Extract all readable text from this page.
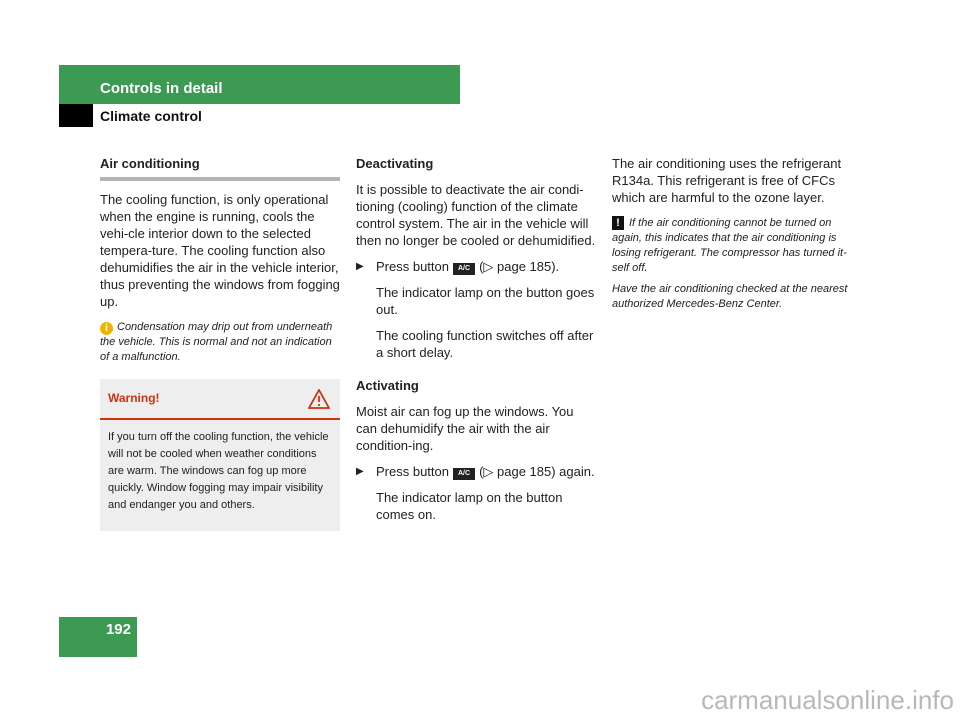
Controls in detail
Climate control
Air conditioning

The cooling function, is only operational when the engine is running, cools the vehi-cle interior down to the selected tempera-ture. The cooling function also dehumidifies the air in the vehicle interior, thus preventing the windows from fogging up.

i Condensation may drip out from underneath the vehicle. This is normal and not an indication of a malfunction.
Warning!
If you turn off the cooling function, the vehicle will not be cooled when weather conditions are warm. The windows can fog up more quickly. Window fogging may impair visibility and endanger you and others.

Deactivating

It is possible to deactivate the air condi-tioning (cooling) function of the climate control system. The air in the vehicle will then no longer be cooled or dehumidified.

▶ Press button A/C (▷ page 185).

The indicator lamp on the button goes out.

The cooling function switches off after a short delay.

Activating

Moist air can fog up the windows. You can dehumidify the air with the air condition-ing.

▶ Press button A/C (▷ page 185) again.

The indicator lamp on the button comes on.

The air conditioning uses the refrigerant R134a. This refrigerant is free of CFCs which are harmful to the ozone layer.

! If the air conditioning cannot be turned on again, this indicates that the air conditioning is losing refrigerant. The compressor has turned it-self off.
Have the air conditioning checked at the nearest authorized Mercedes-Benz Center.
192
carmanualsonline.info
